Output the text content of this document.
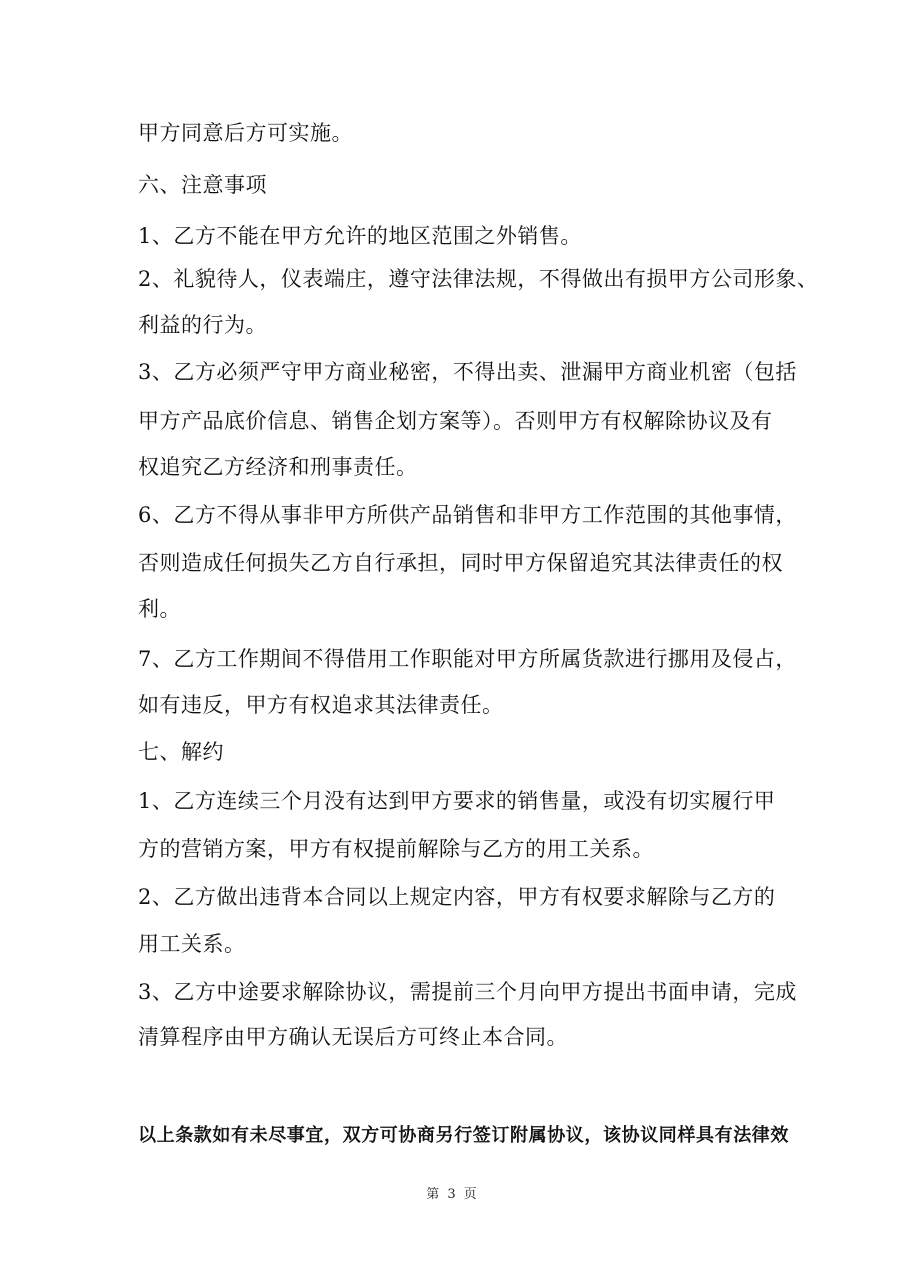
甲方同意后方可实施。
六、注意事项
1、乙方不能在甲方允许的地区范围之外销售。
2、礼貌待人，仪表端庄，遵守法律法规，不得做出有损甲方公司形象、
利益的行为。
3、乙方必须严守甲方商业秘密，不得出卖、泄漏甲方商业机密（包括
甲方产品底价信息、销售企划方案等）。否则甲方有权解除协议及有
权追究乙方经济和刑事责任。
6、乙方不得从事非甲方所供产品销售和非甲方工作范围的其他事情，
否则造成任何损失乙方自行承担，同时甲方保留追究其法律责任的权
利。
7、乙方工作期间不得借用工作职能对甲方所属货款进行挪用及侵占，
如有违反，甲方有权追求其法律责任。
七、解约
1、乙方连续三个月没有达到甲方要求的销售量，或没有切实履行甲
方的营销方案，甲方有权提前解除与乙方的用工关系。
2、乙方做出违背本合同以上规定内容，甲方有权要求解除与乙方的
用工关系。
3、乙方中途要求解除协议，需提前三个月向甲方提出书面申请，完成
清算程序由甲方确认无误后方可终止本合同。
以上条款如有未尽事宜，双方可协商另行签订附属协议，该协议同样具有法律效
第 3 页
